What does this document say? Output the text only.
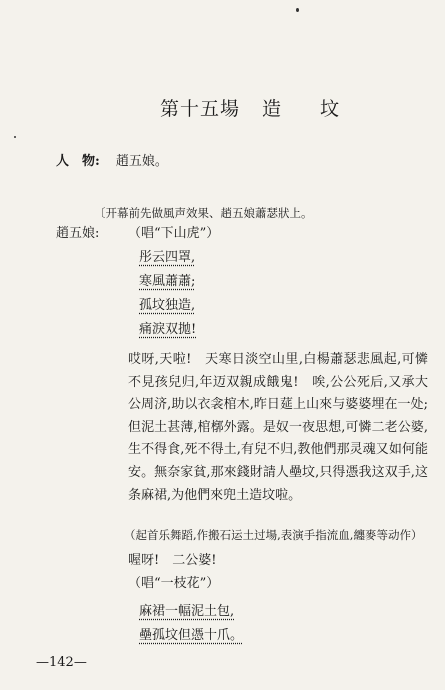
第十五場 造 坟
人　物: 趙五娘。
〔开幕前先做風声效果、趙五娘蕭瑟狀上。
趙五娘: （唱“下山虎”）
彤云四罩,
寒風蕭蕭;
孤坟独造,
痛淚双拋!
哎呀,天啦!　天寒日淡空山里,白楊蕭瑟悲風起,可憐不見孩兒归,年迈双親成餓鬼!　唉,公公死后,又承大公周济,助以衣衾棺木,昨日莚上山來与婆婆埋在一处;但泥土甚薄,棺槨外露。是奴一夜思想,可憐二老公婆,生不得食,死不得土,有兒不归,教他們那灵魂又如何能安。無奈家貧,那來錢財請人壘坟,只得憑我这双手,这条麻裙,为他們來兜土造坟啦。
（起首乐舞蹈,作搬石运土过場,表演手指流血,纏麥等动作）
喔呀!　二公婆!
（唱“一枝花”）
麻裙一幅泥土包,
壘孤坟但憑十爪。
—142—
